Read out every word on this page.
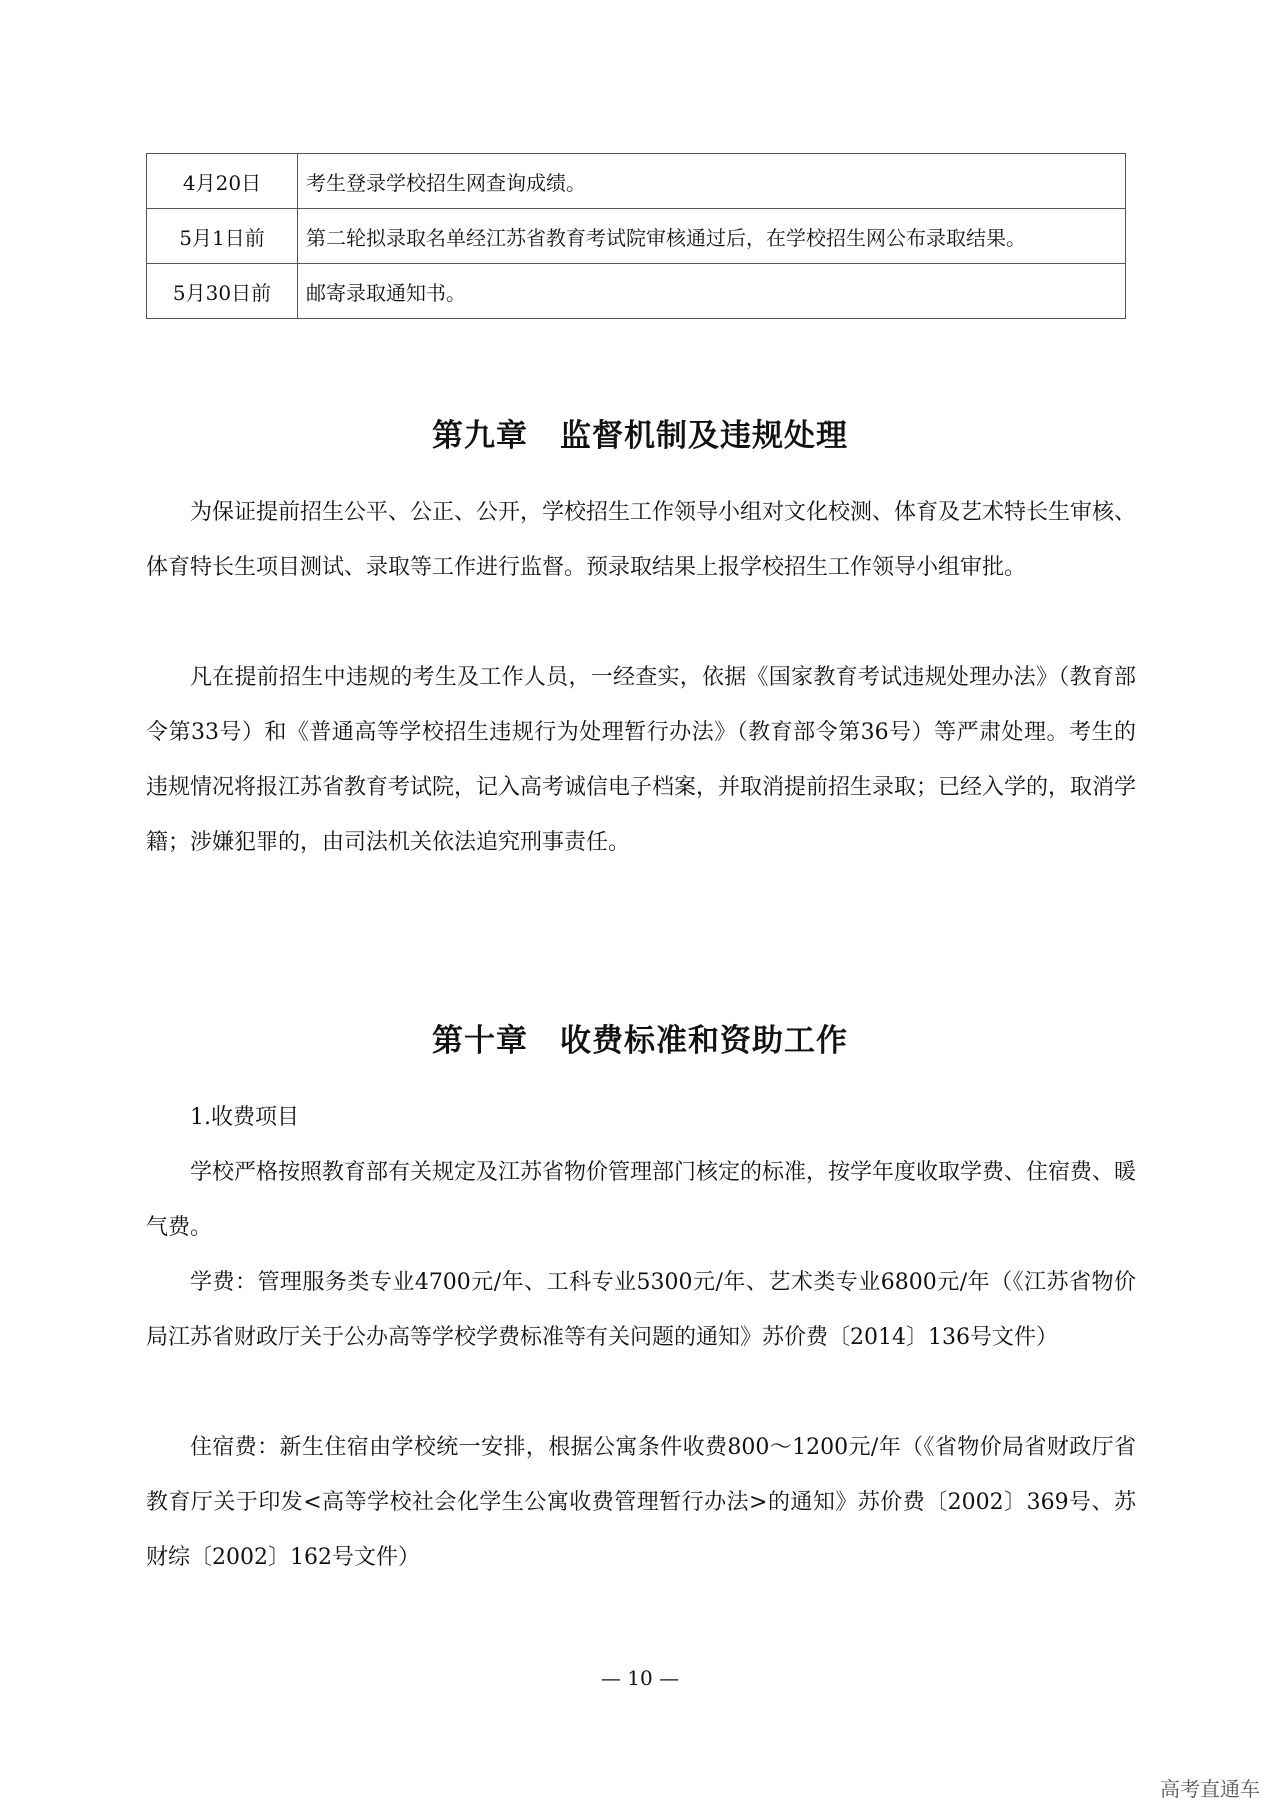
4月20日	考生登录学校招生网查询成绩。
5月1日前	第二轮拟录取名单经江苏省教育考试院审核通过后，在学校招生网公布录取结果。
5月30日前	邮寄录取通知书。
第九章　监督机制及违规处理

为保证提前招生公平、公正、公开，学校招生工作领导小组对文化校测、体育及艺术特长生审核、体育特长生项目测试、录取等工作进行监督。预录取结果上报学校招生工作领导小组审批。

凡在提前招生中违规的考生及工作人员，一经查实，依据《国家教育考试违规处理办法》（教育部令第33号）和《普通高等学校招生违规行为处理暂行办法》（教育部令第36号）等严肃处理。考生的违规情况将报江苏省教育考试院，记入高考诚信电子档案，并取消提前招生录取；已经入学的，取消学籍；涉嫌犯罪的，由司法机关依法追究刑事责任。

第十章　收费标准和资助工作

1.收费项目

学校严格按照教育部有关规定及江苏省物价管理部门核定的标准，按学年度收取学费、住宿费、暖气费。

学费：管理服务类专业4700元/年、工科专业5300元/年、艺术类专业6800元/年（《江苏省物价局江苏省财政厅关于公办高等学校学费标准等有关问题的通知》苏价费〔2014〕136号文件）

住宿费：新生住宿由学校统一安排，根据公寓条件收费800～1200元/年（《省物价局省财政厅省教育厅关于印发<高等学校社会化学生公寓收费管理暂行办法>的通知》苏价费〔2002〕369号、苏财综〔2002〕162号文件）

— 10 —

高考直通车
